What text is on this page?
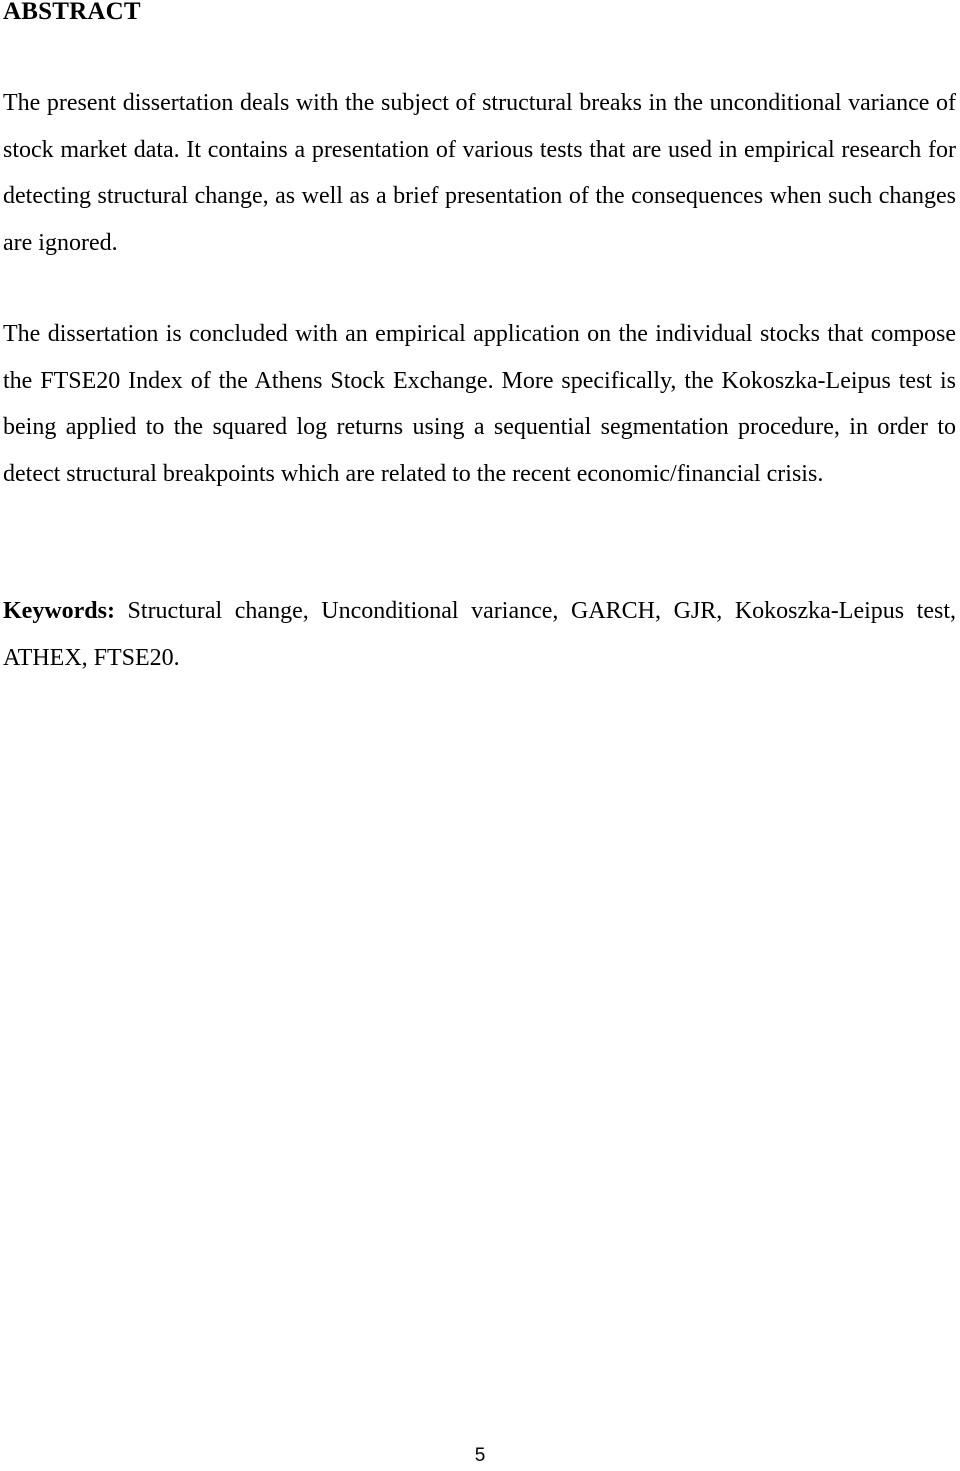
ABSTRACT

The present dissertation deals with the subject of structural breaks in the unconditional variance of stock market data. It contains a presentation of various tests that are used in empirical research for detecting structural change, as well as a brief presentation of the consequences when such changes are ignored.

The dissertation is concluded with an empirical application on the individual stocks that compose the FTSE20 Index of the Athens Stock Exchange. More specifically, the Kokoszka-Leipus test is being applied to the squared log returns using a sequential segmentation procedure, in order to detect structural breakpoints which are related to the recent economic/financial crisis.

Keywords: Structural change, Unconditional variance, GARCH, GJR, Kokoszka-Leipus test, ATHEX, FTSE20.

5
